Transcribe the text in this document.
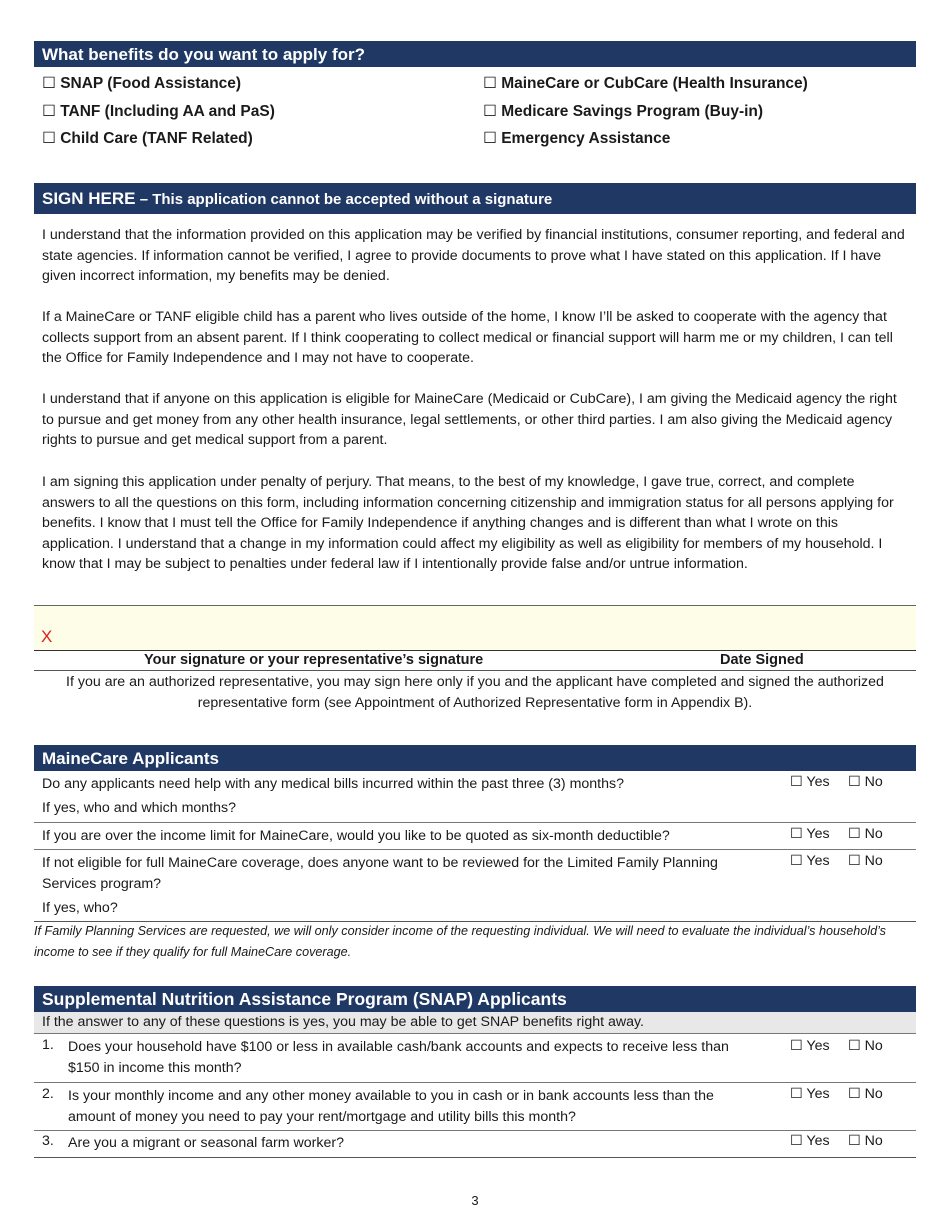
What benefits do you want to apply for?
☐ SNAP (Food Assistance)
☐ TANF (Including AA and PaS)
☐ Child Care (TANF Related)
☐ MaineCare or CubCare (Health Insurance)
☐ Medicare Savings Program (Buy-in)
☐ Emergency Assistance
SIGN HERE – This application cannot be accepted without a signature
I understand that the information provided on this application may be verified by financial institutions, consumer reporting, and federal and state agencies. If information cannot be verified, I agree to provide documents to prove what I have stated on this application. If I have given incorrect information, my benefits may be denied.
If a MaineCare or TANF eligible child has a parent who lives outside of the home, I know I’ll be asked to cooperate with the agency that collects support from an absent parent. If I think cooperating to collect medical or financial support will harm me or my children, I can tell the Office for Family Independence and I may not have to cooperate.
I understand that if anyone on this application is eligible for MaineCare (Medicaid or CubCare), I am giving the Medicaid agency the right to pursue and get money from any other health insurance, legal settlements, or other third parties. I am also giving the Medicaid agency rights to pursue and get medical support from a parent.
I am signing this application under penalty of perjury. That means, to the best of my knowledge, I gave true, correct, and complete answers to all the questions on this form, including information concerning citizenship and immigration status for all persons applying for benefits. I know that I must tell the Office for Family Independence if anything changes and is different than what I wrote on this application. I understand that a change in my information could affect my eligibility as well as eligibility for members of my household. I know that I may be subject to penalties under federal law if I intentionally provide false and/or untrue information.
X
Your signature or your representative’s signature	Date Signed
If you are an authorized representative, you may sign here only if you and the applicant have completed and signed the authorized representative form (see Appointment of Authorized Representative form in Appendix B).
MaineCare Applicants
Do any applicants need help with any medical bills incurred within the past three (3) months?	☐ Yes ☐ No
If yes, who and which months?
If you are over the income limit for MaineCare, would you like to be quoted as six-month deductible?	☐ Yes ☐ No
If not eligible for full MaineCare coverage, does anyone want to be reviewed for the Limited Family Planning Services program?
☐ Yes ☐ No
If yes, who?
If Family Planning Services are requested, we will only consider income of the requesting individual. We will need to evaluate the individual’s household’s income to see if they qualify for full MaineCare coverage.
Supplemental Nutrition Assistance Program (SNAP) Applicants
If the answer to any of these questions is yes, you may be able to get SNAP benefits right away.
1. Does your household have $100 or less in available cash/bank accounts and expects to receive less than $150 in income this month?
☐ Yes ☐ No
2. Is your monthly income and any other money available to you in cash or in bank accounts less than the amount of money you need to pay your rent/mortgage and utility bills this month?
☐ Yes ☐ No
3. Are you a migrant or seasonal farm worker?	☐ Yes ☐ No
3
